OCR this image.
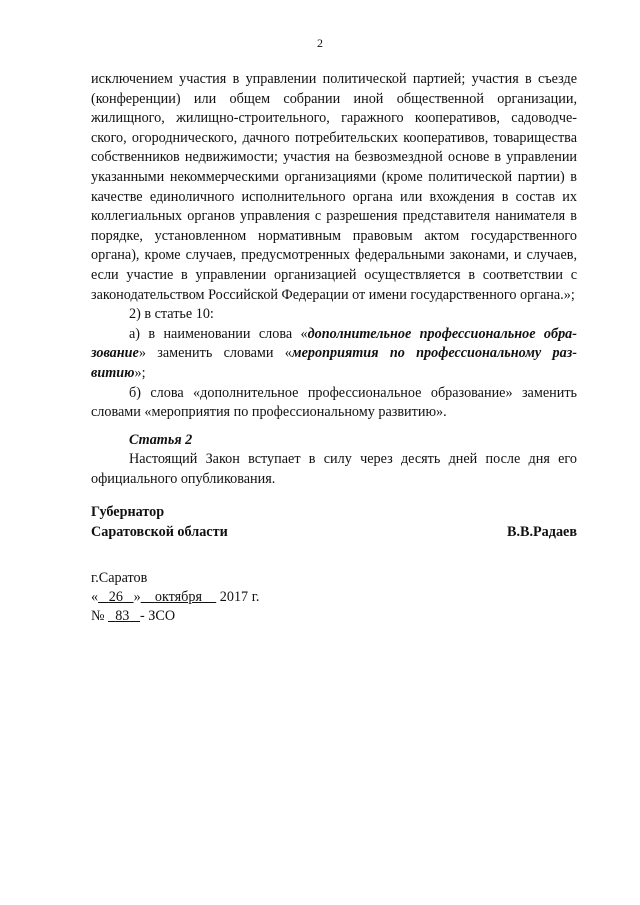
2

исключением участия в управлении политической партией; участия в съезде (конференции) или общем собрании иной общественной организации, жилищного, жилищно-строительного, гаражного кооперативов, садоводческого, огороднического, дачного потребительских кооперативов, товарищества собственников недвижимости; участия на безвозмездной основе в управлении указанными некоммерческими организациями (кроме политической партии) в качестве единоличного исполнительного органа или вхождения в состав их коллегиальных органов управления с разрешения представителя нанимателя в порядке, установленном нормативным правовым актом государственного органа), кроме случаев, предусмотренных федеральными законами, и случаев, если участие в управлении организацией осуществляется в соответствии с законодательством Российской Федерации от имени государственного органа.»;

2) в статье 10:

а) в наименовании слова «дополнительное профессиональное образование» заменить словами «мероприятия по профессиональному развитию»;

б) слова «дополнительное профессиональное образование» заменить словами «мероприятия по профессиональному развитию».

Статья 2

Настоящий Закон вступает в силу через десять дней после дня его официального опубликования.

Губернатор
Саратовской области	В.В.Радаев
г.Саратов
« 26 » октября 2017 г.
№ 83 - ЗСО
